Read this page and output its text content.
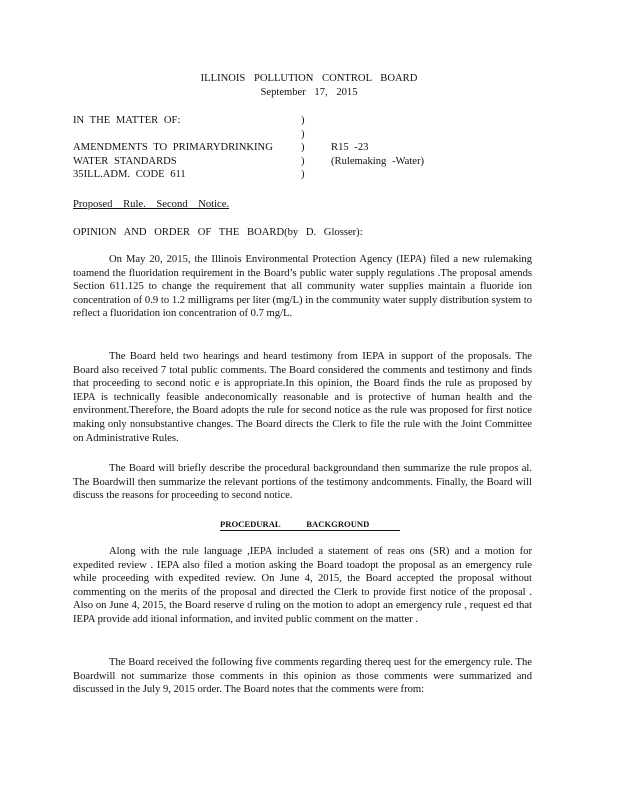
ILLINOIS POLLUTION CONTROL BOARD
September 17, 2015
IN THE MATTER OF:
AMENDMENTS TO PRIMARYDRINKING
WATER STANDARDS
35ILL.ADM. CODE 611
)
)
)
)
)
R15 -23
(Rulemaking -Water)
Proposed Rule. Second Notice.
OPINION AND ORDER OF THE BOARD(by D. Glosser):

On May 20, 2015, the Illinois Environmental Protection Agency (IEPA) filed a new rulemaking toamend the fluoridation requirement in the Board’s public water supply regulations .The proposal amends Section 611.125 to change the requirement that all community water supplies maintain a fluoride ion concentration of 0.9 to 1.2 milligrams per liter (mg/L) in the community water supply distribution system to reflect a fluoridation ion concentration of 0.7 mg/L.

The Board held two hearings and heard testimony from IEPA in support of the proposals. The Board also received 7 total public comments. The Board considered the comments and testimony and finds that proceeding to second notic e is appropriate.In this opinion, the Board finds the rule as proposed by IEPA is technically feasible andeconomically reasonable and is protective of human health and the environment.Therefore, the Board adopts the rule for second notice as the rule was proposed for first notice making only nonsubstantive changes. The Board directs the Clerk to file the rule with the Joint Committee on Administrative Rules.

The Board will briefly describe the procedural backgroundand then summarize the rule propos al. The Boardwill then summarize the relevant portions of the testimony andcomments. Finally, the Board will discuss the reasons for proceeding to second notice.

PROCEDURAL BACKGROUND

Along with the rule language ,IEPA included a statement of reas ons (SR) and a motion for expedited review . IEPA also filed a motion asking the Board toadopt the proposal as an emergency rule while proceeding with expedited review. On June 4, 2015, the Board accepted the proposal without commenting on the merits of the proposal and directed the Clerk to provide first notice of the proposal . Also on June 4, 2015, the Board reserve d ruling on the motion to adopt an emergency rule , request ed that IEPA provide add itional information, and invited public comment on the matter .

The Board received the following five comments regarding thereq uest for the emergency rule. The Boardwill not summarize those comments in this opinion as those comments were summarized and discussed in the July 9, 2015 order. The Board notes that the comments were from:
